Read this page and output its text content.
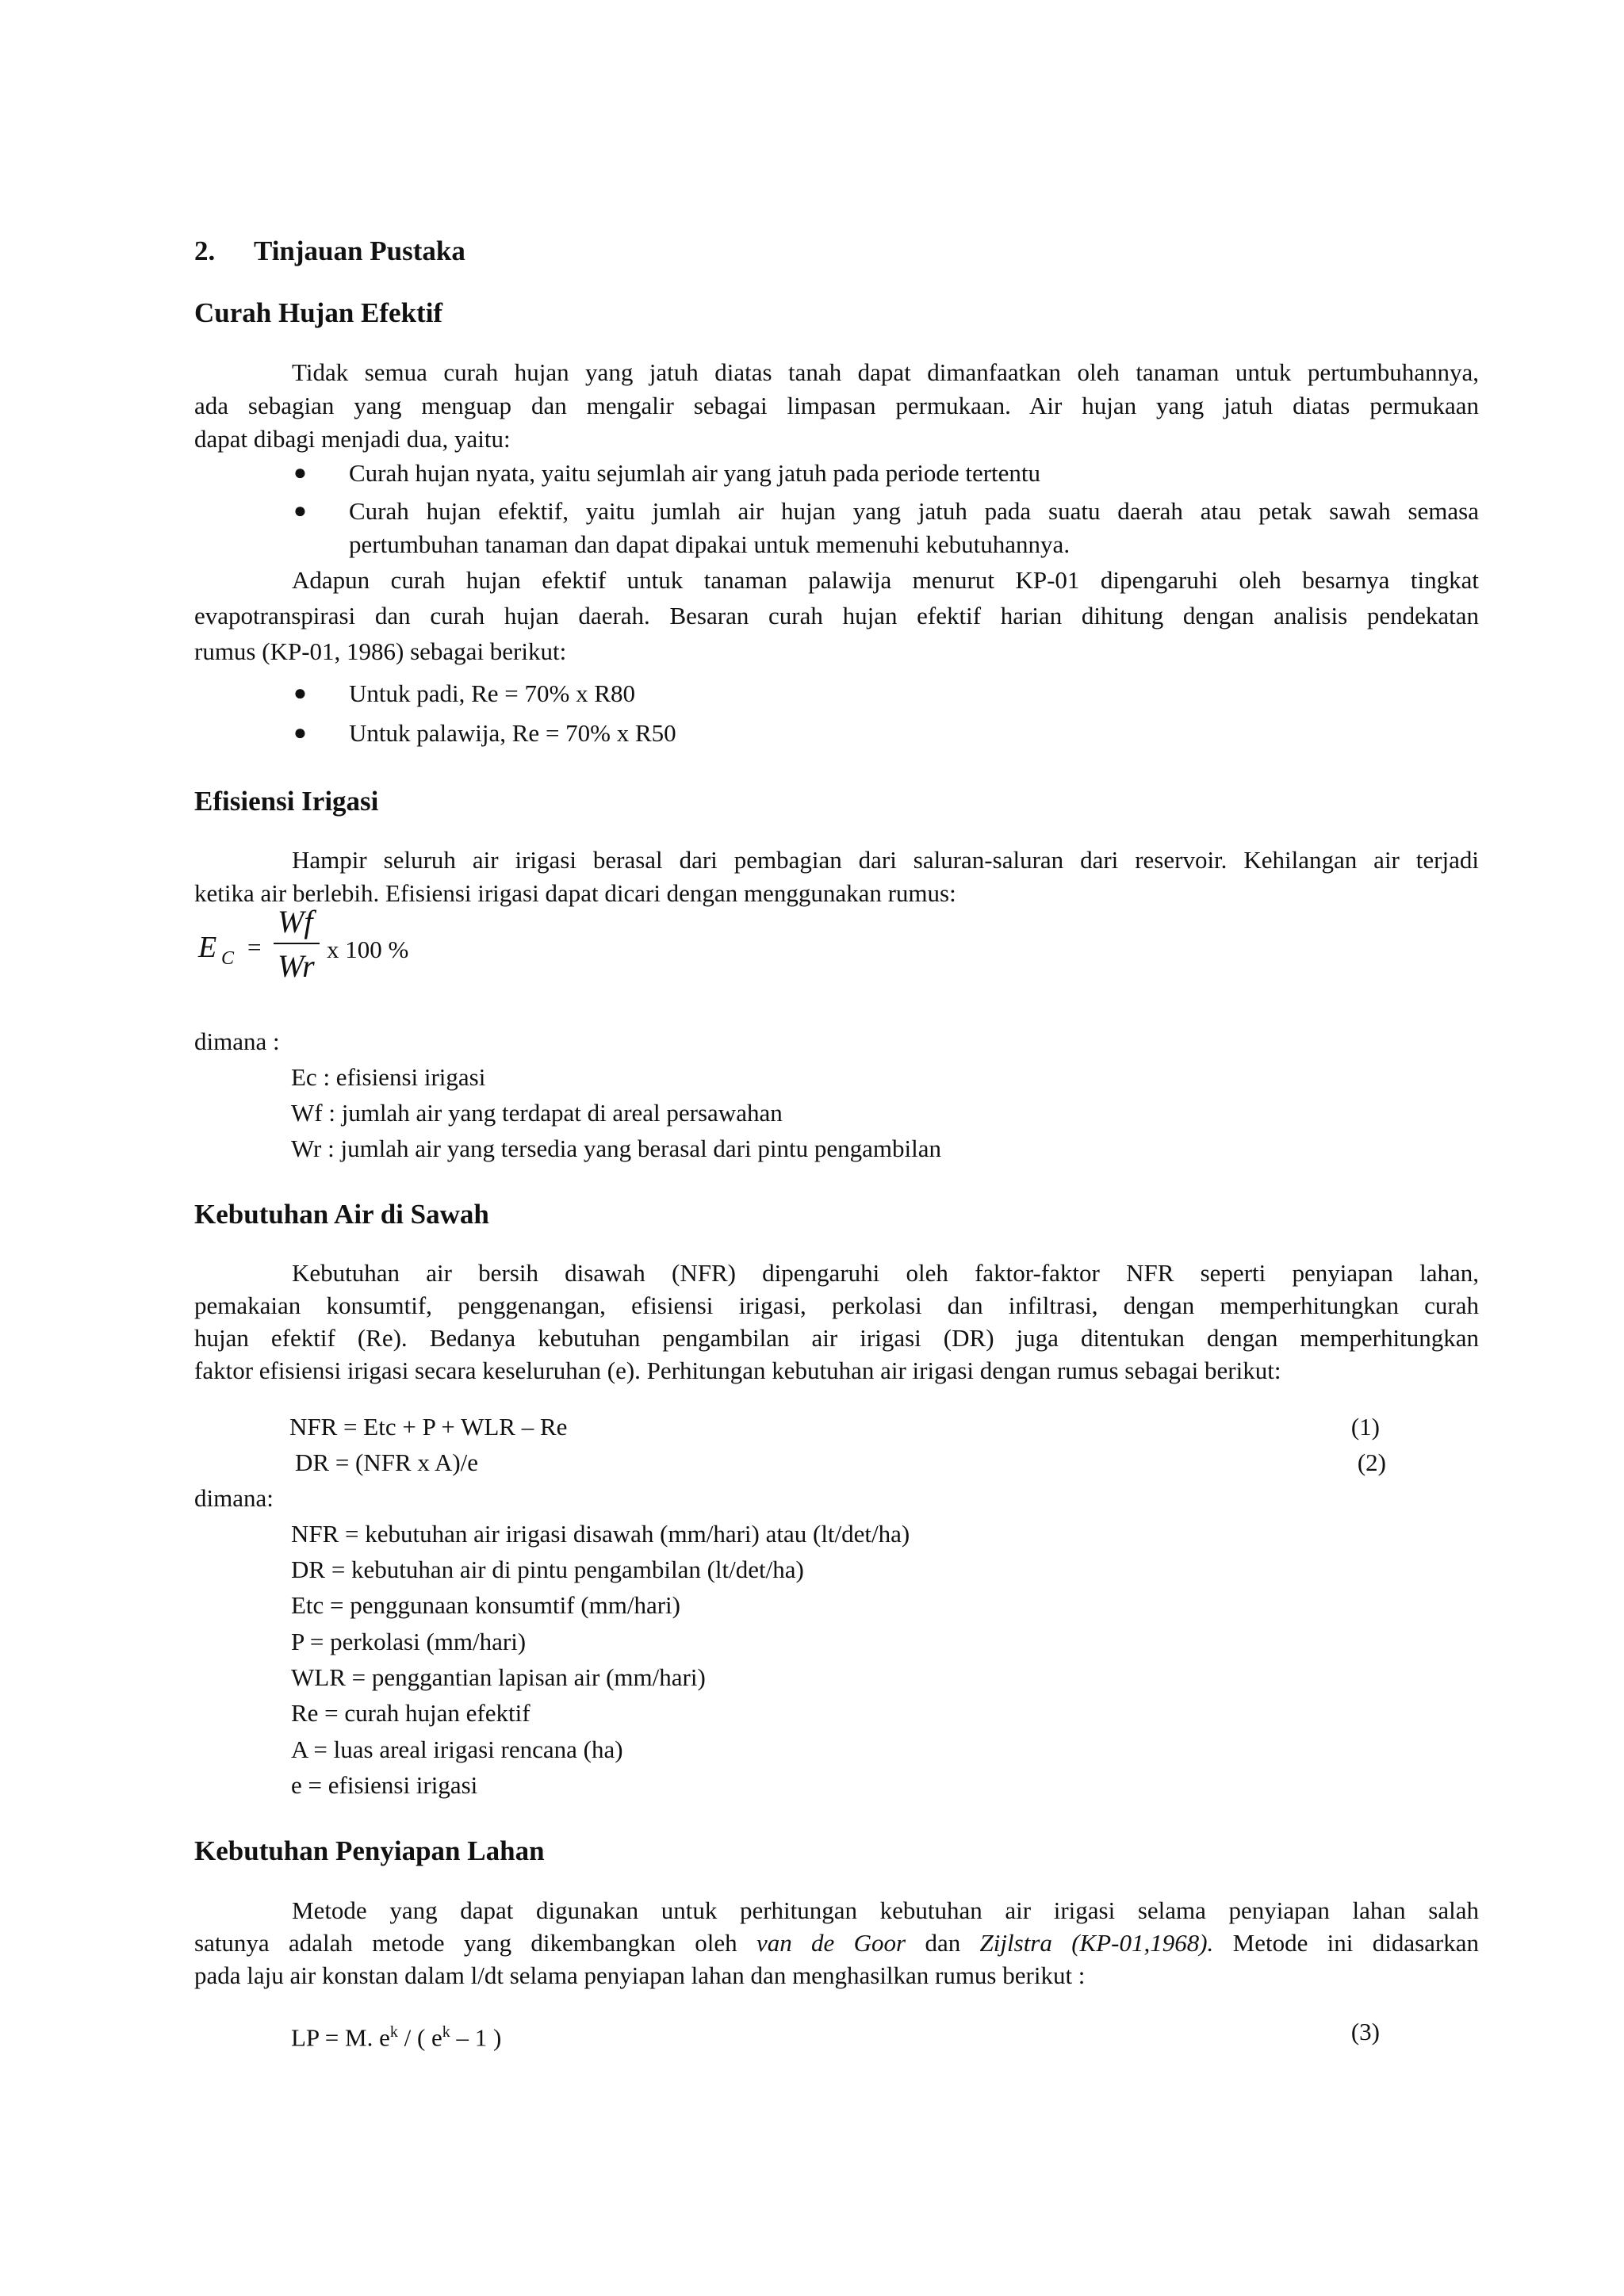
2. Tinjauan Pustaka
Curah Hujan Efektif
Tidak semua curah hujan yang jatuh diatas tanah dapat dimanfaatkan oleh tanaman untuk pertumbuhannya,
ada sebagian yang menguap dan mengalir sebagai limpasan permukaan. Air hujan yang jatuh diatas permukaan
dapat dibagi menjadi dua, yaitu:
● Curah hujan nyata, yaitu sejumlah air yang jatuh pada periode tertentu
● Curah hujan efektif, yaitu jumlah air hujan yang jatuh pada suatu daerah atau petak sawah semasa
pertumbuhan tanaman dan dapat dipakai untuk memenuhi kebutuhannya.
Adapun curah hujan efektif untuk tanaman palawija menurut KP-01 dipengaruhi oleh besarnya tingkat
evapotranspirasi dan curah hujan daerah. Besaran curah hujan efektif harian dihitung dengan analisis pendekatan
rumus (KP-01, 1986) sebagai berikut:
● Untuk padi, Re = 70% x R80
● Untuk palawija, Re = 70% x R50
Efisiensi Irigasi
Hampir seluruh air irigasi berasal dari pembagian dari saluran-saluran dari reservoir. Kehilangan air terjadi
ketika air berlebih. Efisiensi irigasi dapat dicari dengan menggunakan rumus:
E C =
Wf
Wr x 100 %
dimana :
Ec : efisiensi irigasi
Wf : jumlah air yang terdapat di areal persawahan
Wr : jumlah air yang tersedia yang berasal dari pintu pengambilan
Kebutuhan Air di Sawah
Kebutuhan air bersih disawah (NFR) dipengaruhi oleh faktor-faktor NFR seperti penyiapan lahan,
pemakaian konsumtif, penggenangan, efisiensi irigasi, perkolasi dan infiltrasi, dengan memperhitungkan curah
hujan efektif (Re). Bedanya kebutuhan pengambilan air irigasi (DR) juga ditentukan dengan memperhitungkan
faktor efisiensi irigasi secara keseluruhan (e). Perhitungan kebutuhan air irigasi dengan rumus sebagai berikut:
NFR = Etc + P + WLR – Re	(1)
DR = (NFR x A)/e	(2)
dimana:
NFR = kebutuhan air irigasi disawah (mm/hari) atau (lt/det/ha)
DR = kebutuhan air di pintu pengambilan (lt/det/ha)
Etc = penggunaan konsumtif (mm/hari)
P = perkolasi (mm/hari)
WLR = penggantian lapisan air (mm/hari)
Re = curah hujan efektif
A = luas areal irigasi rencana (ha)
e = efisiensi irigasi
Kebutuhan Penyiapan Lahan
Metode yang dapat digunakan untuk perhitungan kebutuhan air irigasi selama penyiapan lahan salah
satunya adalah metode yang dikembangkan oleh van de Goor dan Zijlstra (KP-01,1968). Metode ini didasarkan
pada laju air konstan dalam l/dt selama penyiapan lahan dan menghasilkan rumus berikut :
LP = M. $e^k$ / ( $e^k - 1$ )	(3)
